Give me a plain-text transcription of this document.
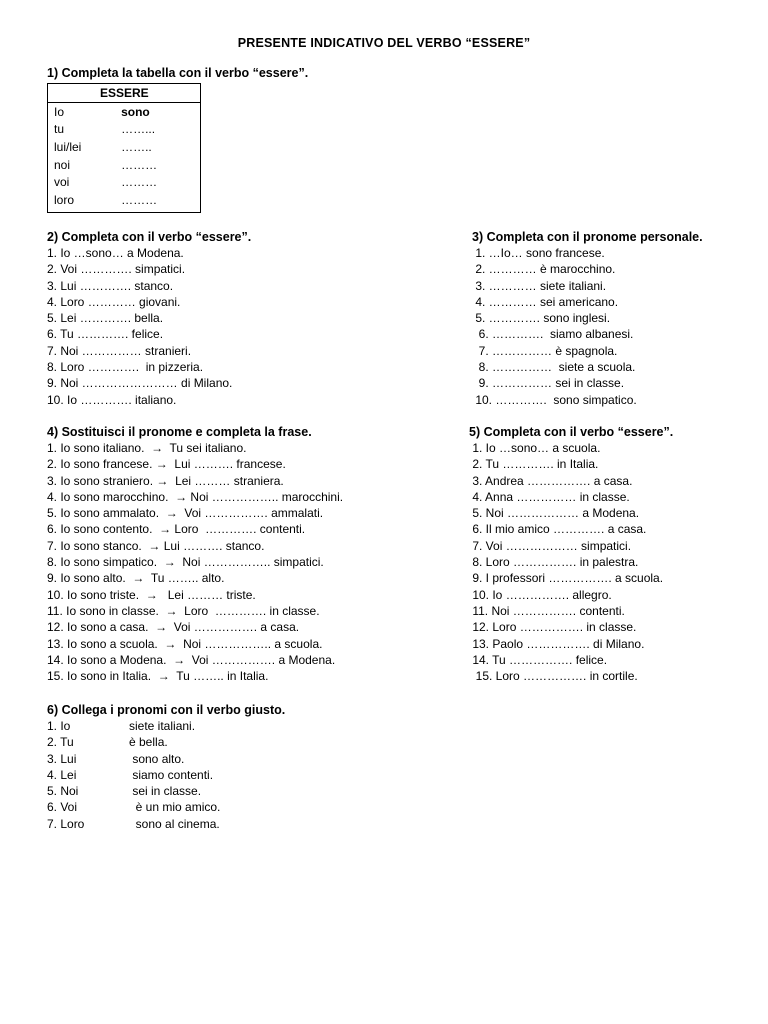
PRESENTE INDICATIVO DEL VERBO “ESSERE”
1) Completa la tabella con il verbo “essere”.
ESSERE	
Io	sono
tu	……...
lui/lei	……..
noi	………
voi	………
loro	………
2) Completa con il verbo “essere”.
1. Io …sono… a Modena.
2. Voi …………. simpatici.
3. Lui …………. stanco.
4. Loro ………… giovani.
5. Lei …………. bella.
6. Tu …………. felice.
7. Noi …………… stranieri.
8. Loro ………….  in pizzeria.
9. Noi …………………… di Milano.
10. Io …………. italiano.
3) Completa con il pronome personale.
1. …Io… sono francese.
2. ………… è marocchino.
3. ………… siete italiani.
4. ………… sei americano.
5. …………. sono inglesi.
6. ………….  siamo albanesi.
7. …………… è spagnola.
8. ……………  siete a scuola.
9. …………… sei in classe.
10. ………….  sono simpatico.
4) Sostituisci il pronome e completa la frase.
1. Io sono italiano.  →  Tu sei italiano.
2. Io sono francese. →  Lui ………. francese.
3. Io sono straniero. →  Lei ……… straniera.
4. Io sono marocchino.  → Noi …………….. marocchini.
5. Io sono ammalato.  →  Voi ……………. ammalati.
6. Io sono contento.  → Loro  …………. contenti.
7. Io sono stanco.  → Lui ………. stanco.
8. Io sono simpatico.  →  Noi …………….. simpatici.
9. Io sono alto.  →  Tu …….. alto.
10. Io sono triste.  →   Lei ……… triste.
11. Io sono in classe.  →  Loro  …………. in classe.
12. Io sono a casa.  →  Voi ……………. a casa.
13. Io sono a scuola.  →  Noi …………….. a scuola.
14. Io sono a Modena.  →  Voi ……………. a Modena.
15. Io sono in Italia.  →  Tu …….. in Italia.
5) Completa con il verbo “essere”.
1. Io …sono… a scuola.
2. Tu …………. in Italia.
3. Andrea ……………. a casa.
4. Anna …………… in classe.
5. Noi ……………… a Modena.
6. Il mio amico …………. a casa.
7. Voi ……………… simpatici.
8. Loro ……………. in palestra.
9. I professori ……………. a scuola.
10. Io ……………. allegro.
11. Noi ……………. contenti.
12. Loro ……………. in classe.
13. Paolo ……………. di Milano.
14. Tu ……………. felice.
15. Loro ……………. in cortile.
6) Collega i pronomi con il verbo giusto.
1. Io	siete italiani.
2. Tu	è bella.
3. Lui	sono alto.
4. Lei	siamo contenti.
5. Noi	sei in classe.
6. Voi	è un mio amico.
7. Loro	sono al cinema.
